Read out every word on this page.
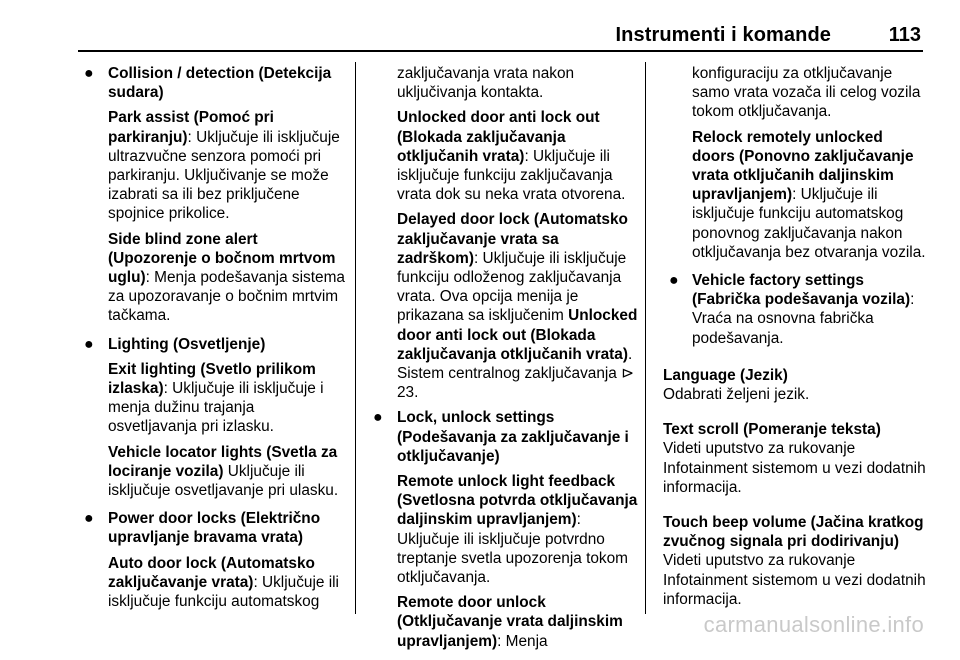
Instrumenti i komande	113
● Collision / detection (Detekcija sudara)
Park assist (Pomoć pri parkiranju): Uključuje ili isključuje ultrazvučne senzora pomoći pri parkiranju. Uključivanje se može izabrati sa ili bez priključene spojnice prikolice.
Side blind zone alert (Upozorenje o bočnom mrtvom uglu): Menja podešavanja sistema za upozoravanje o bočnim mrtvim tačkama.
● Lighting (Osvetljenje)
Exit lighting (Svetlo prilikom izlaska): Uključuje ili isključuje i menja dužinu trajanja osvetljavanja pri izlasku.
Vehicle locator lights (Svetla za lociranje vozila) Uključuje ili isključuje osvetljavanje pri ulasku.
● Power door locks (Električno upravljanje bravama vrata)
Auto door lock (Automatsko zaključavanje vrata): Uključuje ili isključuje funkciju automatskog
zaključavanja vrata nakon uključivanja kontakta.
Unlocked door anti lock out (Blokada zaključavanja otključanih vrata): Uključuje ili isključuje funkciju zaključavanja vrata dok su neka vrata otvorena.
Delayed door lock (Automatsko zaključavanje vrata sa zadrškom): Uključuje ili isključuje funkciju odloženog zaključavanja vrata. Ova opcija menija je prikazana sa isključenim Unlocked door anti lock out (Blokada zaključavanja otključanih vrata). Sistem centralnog zaključavanja ⊳ 23.
● Lock, unlock settings (Podešavanja za zaključavanje i otključavanje)
Remote unlock light feedback (Svetlosna potvrda otključavanja daljinskim upravljanjem): Uključuje ili isključuje potvrdno treptanje svetla upozorenja tokom otključavanja.
Remote door unlock (Otključavanje vrata daljinskim upravljanjem): Menja
konfiguraciju za otključavanje samo vrata vozača ili celog vozila tokom otključavanja.
Relock remotely unlocked doors (Ponovno zaključavanje vrata otključanih daljinskim upravljanjem): Uključuje ili isključuje funkciju automatskog ponovnog zaključavanja nakon otključavanja bez otvaranja vozila.
● Vehicle factory settings (Fabrička podešavanja vozila): Vraća na osnovna fabrička podešavanja.
Language (Jezik)
Odabrati željeni jezik.
Text scroll (Pomeranje teksta)
Videti uputstvo za rukovanje Infotainment sistemom u vezi dodatnih informacija.
Touch beep volume (Jačina kratkog zvučnog signala pri dodirivanju)
Videti uputstvo za rukovanje Infotainment sistemom u vezi dodatnih informacija.
carmanualsonline.info
